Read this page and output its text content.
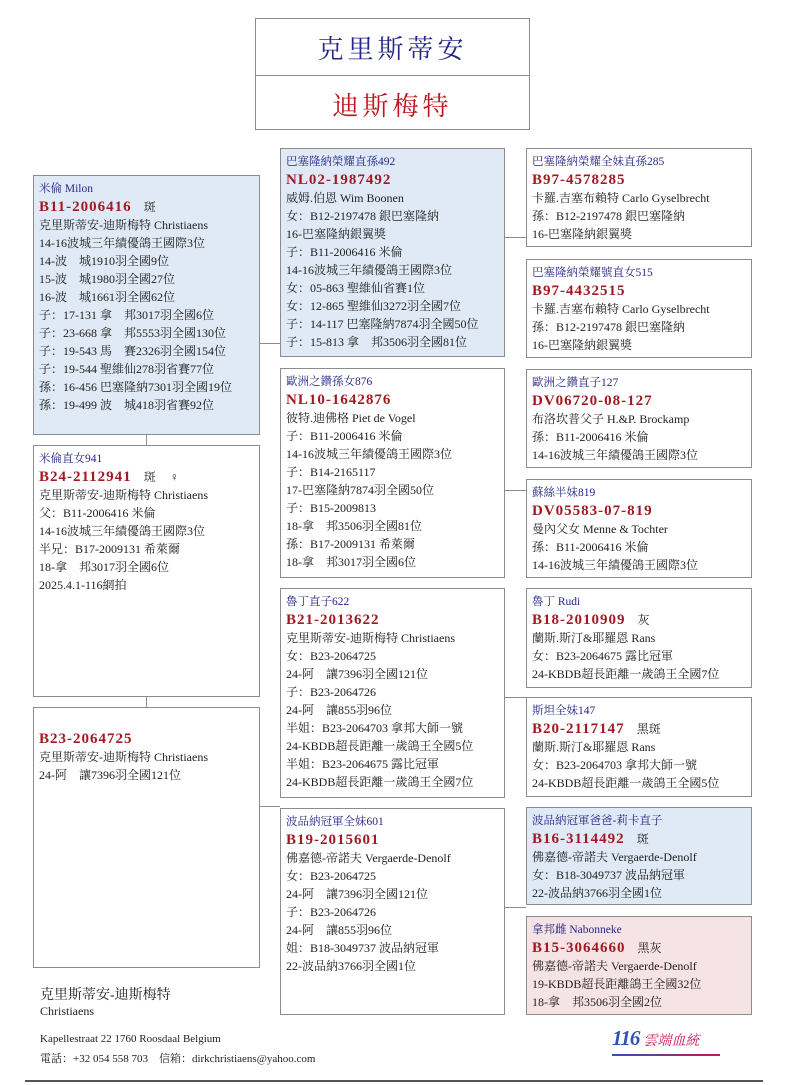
克里斯蒂安
迪斯梅特
米倫 Milon
B11-2006416 斑
克里斯蒂安-迪斯梅特 Christiaens
14-16波城三年績優鴿王國際3位
14-波　城1910羽全國9位
15-波　城1980羽全國27位
16-波　城1661羽全國62位
子：17-131 拿　邦3017羽全國6位
子：23-668 拿　邦5553羽全國130位
子：19-543 馬　賽2326羽全國154位
子：19-544 聖維仙278羽省賽77位
孫：16-456 巴塞隆納7301羽全國19位
孫：19-499 波　城418羽省賽92位
米倫直女941
B24-2112941 斑 ♀
克里斯蒂安-迪斯梅特 Christiaens
父：B11-2006416 米倫
14-16波城三年績優鴿王國際3位
半兄：B17-2009131 希萊爾
18-拿　邦3017羽全國6位
2025.4.1-116網拍
B23-2064725
克里斯蒂安-迪斯梅特 Christiaens
24-阿　讓7396羽全國121位
巴塞隆納榮耀直孫492
NL02-1987492
威姆.伯恩 Wim Boonen
女：B12-2197478 銀巴塞隆納
16-巴塞隆納銀翼獎
子：B11-2006416 米倫
14-16波城三年績優鴿王國際3位
女：05-863 聖維仙省賽1位
女：12-865 聖維仙3272羽全國7位
子：14-117 巴塞隆納7874羽全國50位
子：15-813 拿　邦3506羽全國81位
歐洲之鑽孫女876
NL10-1642876
彼特.迪佛格 Piet de Vogel
子：B11-2006416 米倫
14-16波城三年績優鴿王國際3位
子：B14-2165117
17-巴塞隆納7874羽全國50位
子：B15-2009813
18-拿　邦3506羽全國81位
孫：B17-2009131 希萊爾
18-拿　邦3017羽全國6位
魯丁直子622
B21-2013622
克里斯蒂安-迪斯梅特 Christiaens
女：B23-2064725
24-阿　讓7396羽全國121位
子：B23-2064726
24-阿　讓855羽96位
半姐：B23-2064703 拿邦大師一號
24-KBDB超長距離一歲鴿王全國5位
半姐：B23-2064675 露比冠軍
24-KBDB超長距離一歲鴿王全國7位
波品納冠軍全妹601
B19-2015601
佛嘉德-帝諾夫 Vergaerde-Denolf
女：B23-2064725
24-阿　讓7396羽全國121位
子：B23-2064726
24-阿　讓855羽96位
姐：B18-3049737 波品納冠軍
22-波品納3766羽全國1位
巴塞隆納榮耀全妹直孫285
B97-4578285
卡羅.吉塞布賴特 Carlo Gyselbrecht
孫：B12-2197478 銀巴塞隆納
16-巴塞隆納銀翼獎
巴塞隆納榮耀號直女515
B97-4432515
卡羅.吉塞布賴特 Carlo Gyselbrecht
孫：B12-2197478 銀巴塞隆納
16-巴塞隆納銀翼獎
歐洲之鑽直子127
DV06720-08-127
布洛坎普父子 H.&P. Brockamp
孫：B11-2006416 米倫
14-16波城三年績優鴿王國際3位
蘇絲半妹819
DV05583-07-819
曼內父女 Menne & Tochter
孫：B11-2006416 米倫
14-16波城三年績優鴿王國際3位
魯丁 Rudi
B18-2010909 灰
蘭斯.斯汀&耶羅恩 Rans
女：B23-2064675 露比冠軍
24-KBDB超長距離一歲鴿王全國7位
斯坦全妹147
B20-2117147 黑斑
蘭斯.斯汀&耶羅恩 Rans
女：B23-2064703 拿邦大師一號
24-KBDB超長距離一歲鴿王全國5位
波品納冠軍爸爸-莉卡直子
B16-3114492 斑
佛嘉德-帝諾夫 Vergaerde-Denolf
女：B18-3049737 波品納冠軍
22-波品納3766羽全國1位
拿邦雌 Nabonneke
B15-3064660 黑灰
佛嘉德-帝諾夫 Vergaerde-Denolf
19-KBDB超長距離鴿王全國32位
18-拿　邦3506羽全國2位
克里斯蒂安-迪斯梅特
Christiaens
Kapellestraat 22 1760 Roosdaal Belgium
電話：+32 054 558 703　信箱：dirkchristiaens@yahoo.com
116 雲端血統
